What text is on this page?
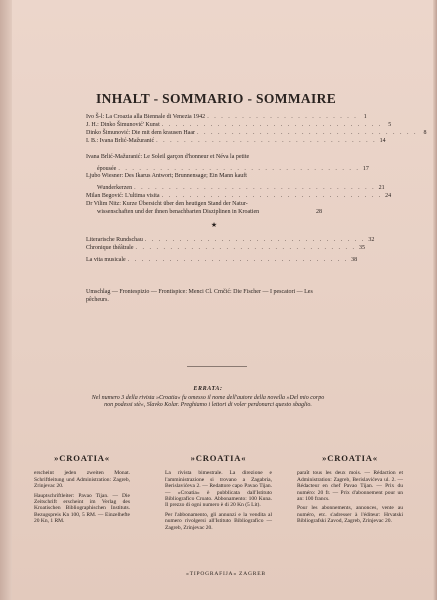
INHALT - SOMMARIO - SOMMAIRE
Ivo Š-l: La Croazia alla Biennale di Venezia 1942 . . . . . . . . . . . . . . . . . . . . . .	1
J. H.: Dinko Šimunović' Kunst . . . . . . . . . . . . . . . . . . . . . . . . . . . . . . . .	5
Dinko Šimunović: Die mit dem krausen Haar . . . . . . . . . . . . . . . . . . . . . . . . . . . . . . . .	8
I. B.: Ivana Brlić-Mažuranić . . . . . . . . . . . . . . . . . . . . . . . . . . . . . . . . 14
Ivana Brlić-Mažuranić: Le Soleil garçon d'honneur et Néva la petite
épousée . . . . . . . . . . . . . . . . . . . . . . . . . . . . . . . . . . . 17
Ljubo Wiesner: Des Ikarus Antwort; Brunnensage; Ein Mann kauft
Wunderkerzen . . . . . . . . . . . . . . . . . . . . . . . . . . . . . . . . . . . 21
Milan Begović: L'ultima visita . . . . . . . . . . . . . . . . . . . . . . . . . . . . . . . . 24
Dr Vilim Nitz: Kurze Übersicht über den heutigen Stand der Natur-
wissenschaften und der ihnen benachbarten Disziplinen in Kroatien	28
★
Literarische Rundschau . . . . . . . . . . . . . . . . . . . . . . . . . . . . . . . . 32
Chronique théâtrale . . . . . . . . . . . . . . . . . . . . . . . . . . . . . . . . 35
La vita musicale . . . . . . . . . . . . . . . . . . . . . . . . . . . . . . . . 38
Umschlag — Frontespizio — Frontispice: Menci Cl. Crnčić: Die Fischer — I pescatori — Les pêcheurs.
ERRATA:
Nel numero 3 della rivista »Croatia« fu omesso il nome dell'autore della novella »Del mio corpo non podessi stè«, Slavko Kolar. Preghiamo i lettori di voler perdonarci questo sbaglio.
»CROATIA«

erscheint jeden zweiten Monat. Schriftleitung und Administration: Zagreb, Zrinjevac 20.

Hauptschriftleiter: Pavao Tijan. — Die Zeitschrift erscheint im Verlag des Kroatischen Bibliographischen Instituts. Bezugspreis Kn 100, 5 RM. — Einzelhefte 20 Kn, 1 RM.

»CROATIA«

La rivista bimestrale. La direzione e l'amministrazione si trovano a Zagabria, Berislavićeva 2. — Redattore capo Pavao Tijan. — »Croatia« è pubblicata dall'Istituto Bibliografico Croato. Abbonamento: 100 Kuna. Il prezzo di ogni numero è di 20 Kn (5 Lit).

Per l'abbonamento, gli annunzi e la vendita al numero rivolgersi all'Istituto Bibliografico — Zagreb, Zrinjevac 20.

»CROATIA«

paraît tous les deux mois. — Rédaction et Administration: Zagreb, Berislavićeva ul. 2. — Rédacteur en chef Pavao Tijan. — Prix du numéro: 20 fr. — Prix d'abonnement pour un an: 100 francs.

Pour les abonnements, annonces, vente au numéro, etc. s'adresser à l'éditeur: Hrvatski Bibliografski Zavod, Zagreb, Zrinjevac 20.

»TIPOGRAFIJA« ZAGREB
